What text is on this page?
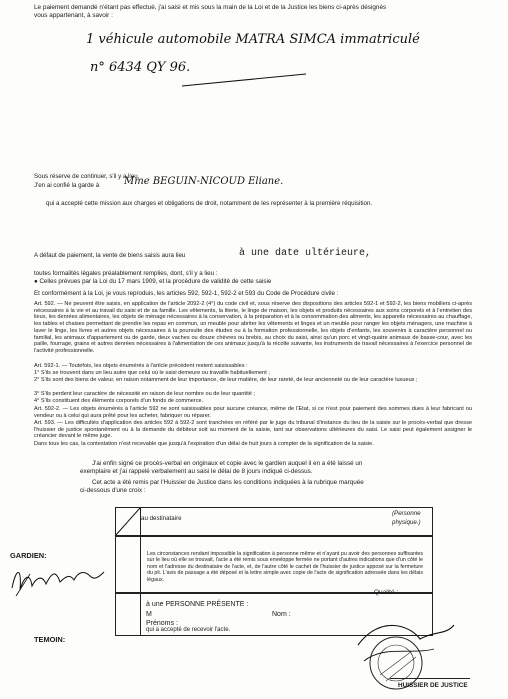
Le paiement demandé n'étant pas effectué, j'ai saisi et mis sous la main de la Loi et de la Justice les biens ci-après désignés
vous appartenant, à savoir :
1 véhicule automobile MATRA SIMCA immatriculé
n° 6434 QY 96.
Sous réserve de continuer, s'il y a lieu.
J'en ai confié la garde à Mme BEGUIN-NICOUD Eliane.
qui a accepté cette mission aux charges et obligations de droit, notamment de les représenter à la première réquisition.
A défaut de paiement, la vente de biens saisis aura lieu	à une date ultérieure,
toutes formalités légales préalablement remplies, dont, s'il y a lieu :
● Celles prévues par la Loi du 17 mars 1909, et la procédure de validité de cette saisie
Et conformément à la Loi, je vous reproduis, les articles 592, 592-1, 592-2 et 593 du Code de Procédure civile :
Art. 592. — Ne peuvent être saisis, en application de l'article 2092-2 (4°) du code civil et, sous réserve des dispositions des articles 592-1 et 592-2, les biens mobiliers ci-après nécessaires à la vie et au travail du saisi et de sa famille. Les vêtements, la literie, le linge de maison, les objets et produits nécessaires aux soins corporels et à l'entretien des lieux, les denrées alimentaires, les objets de ménage nécessaires à la conservation, à la préparation et à la consommation des aliments, les appareils nécessaires au chauffage, les tables et chaises permettant de prendre les repas en commun, un meuble pour abriter les vêtements et linges et un meuble pour ranger les objets ménagers, une machine à laver le linge, les livres et autres objets nécessaires à la poursuite des études ou à la formation professionnelle, les objets d'enfants, les souvenirs à caractère personnel ou familial, les animaux d'appartement ou de garde, deux vaches ou douze chèvres ou brebis, au choix du saisi, ainsi qu'un porc et vingt-quatre animaux de basse-cour, avec les paille, fourrage, grains et autres denrées nécessaires à l'alimentation de ces animaux jusqu'à la récolte suivante, les instruments de travail nécessaires à l'exercice personnel de l'activité professionnelle.
Art. 592-1. — Toutefois, les objets énumérés à l'article précédent restent saisissables :
1° S'ils se trouvent dans un lieu autre que celui où le saisi demeure ou travaille habituellement ;
2° S'ils sont des biens de valeur, en raison notamment de leur importance, de leur matière, de leur rareté, de leur ancienneté ou de leur caractère luxueux ;
3° S'ils perdent leur caractère de nécessité en raison de leur nombre ou de leur quantité ;
4° S'ils constituent des éléments corporels d'un fonds de commerce.
Art. 592-2. — Les objets énumérés à l'article 592 ne sont saisissables pour aucune créance, même de l'Etat, si ce n'est pour paiement des sommes dues à leur fabricant ou vendeur ou à celui qui aura prêté pour les acheter, fabriquer ou réparer.
Art. 593. — Les difficultés d'application des articles 592 à 592-2 sont tranchées en référé par le juge du tribunal d'instance du lieu de la saisie sur le procès-verbal que dresse l'huissier de justice spontanément ou à la demande du débiteur soit au moment de la saisie, tant sur observations ultérieures du saisi. Le saisi peut également assigner le créancier devant le même juge.
Dans tous les cas, la contestation n'est recevable que jusqu'à l'expiration d'un délai de huit jours à compter de la signification de la saisie.
J'ai enfin signé ce procès-verbal en originaux et copie avec le gardien auquel il en a été laissé un
exemplaire et j'ai rappelé verbalement au saisi le délai de 8 jours indiqué ci-dessus.
Cet acte a été remis par l'Huissier de Justice dans les conditions indiquées à la rubrique marquée
ci-dessous d'une croix :
au destinataire
(Personne
physique.)
Les circonstances rendant impossible la signification à personne même et n'ayant pu avoir des personnes suffisantes sur le lieu où elle se trouvait, l'acte a été remis sous enveloppe fermée ne portant d'autres indications que d'un côté le nom et l'adresse du destinataire de l'acte, et, de l'autre côté le cachet de l'huissier de justice apposé sur la fermeture du pli. L'avis de passage a été déposé et la lettre simple avec copie de l'acte de signification adressée dans les délais légaux.
à une PERSONNE PRÉSENTE :
M	Nom :
Prénoms :
qui a accepté de recevoir l'acte.
Qualité :
GARDIEN:
TEMOIN:
HUISSIER DE JUSTICE
